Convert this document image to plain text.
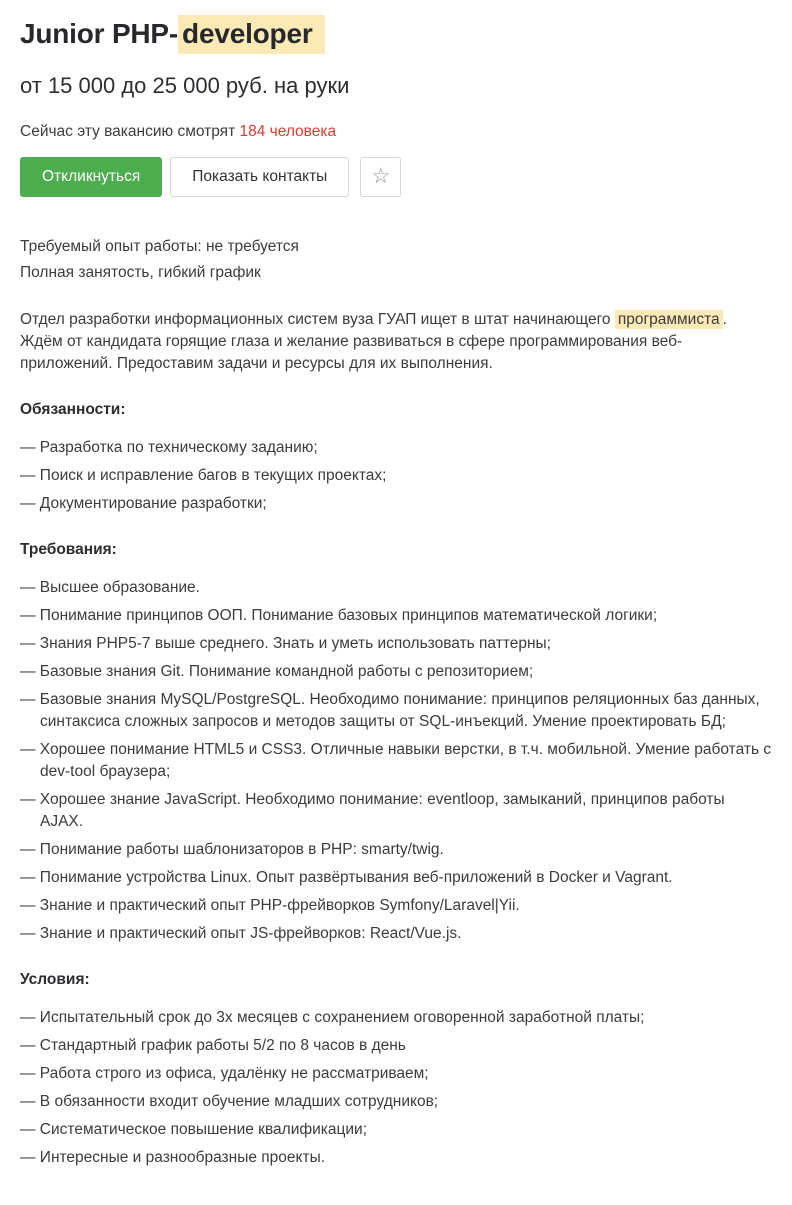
Junior PHP- developer
от 15 000 до 25 000 руб. на руки
Сейчас эту вакансию смотрят 184 человека
Откликнуться	Показать контакты	☆
Требуемый опыт работы: не требуется
Полная занятость, гибкий график

Отдел разработки информационных систем вуза ГУАП ищет в штат начинающего программиста . Ждём от кандидата горящие глаза и желание развиваться в сфере программирования веб-приложений. Предоставим задачи и ресурсы для их выполнения.

Обязанности:

— Разработка по техническому заданию;

— Поиск и исправление багов в текущих проектах;

— Документирование разработки;

Требования:

— Высшее образование.

— Понимание принципов ООП. Понимание базовых принципов математической логики;

— Знания PHP5-7 выше среднего. Знать и уметь использовать паттерны;

— Базовые знания Git. Понимание командной работы с репозиторием;

— Базовые знания MySQL/PostgreSQL. Необходимо понимание: принципов реляционных баз данных, синтаксиса сложных запросов и методов защиты от SQL-инъекций. Умение проектировать БД;

— Хорошее понимание HTML5 и CSS3. Отличные навыки верстки, в т.ч. мобильной. Умение работать с dev-tool браузера;

— Хорошее знание JavaScript. Необходимо понимание: eventloop, замыканий, принципов работы AJAX.

— Понимание работы шаблонизаторов в PHP: smarty/twig.

— Понимание устройства Linux. Опыт развёртывания веб-приложений в Docker и Vagrant.

— Знание и практический опыт PHP-фрейворков Symfony/Laravel|Yii.

— Знание и практический опыт JS-фрейворков: React/Vue.js.

Условия:

— Испытательный срок до 3х месяцев с сохранением оговоренной заработной платы;

— Стандартный график работы 5/2 по 8 часов в день

— Работа строго из офиса, удалёнку не рассматриваем;

— В обязанности входит обучение младших сотрудников;

— Систематическое повышение квалификации;

— Интересные и разнообразные проекты.
